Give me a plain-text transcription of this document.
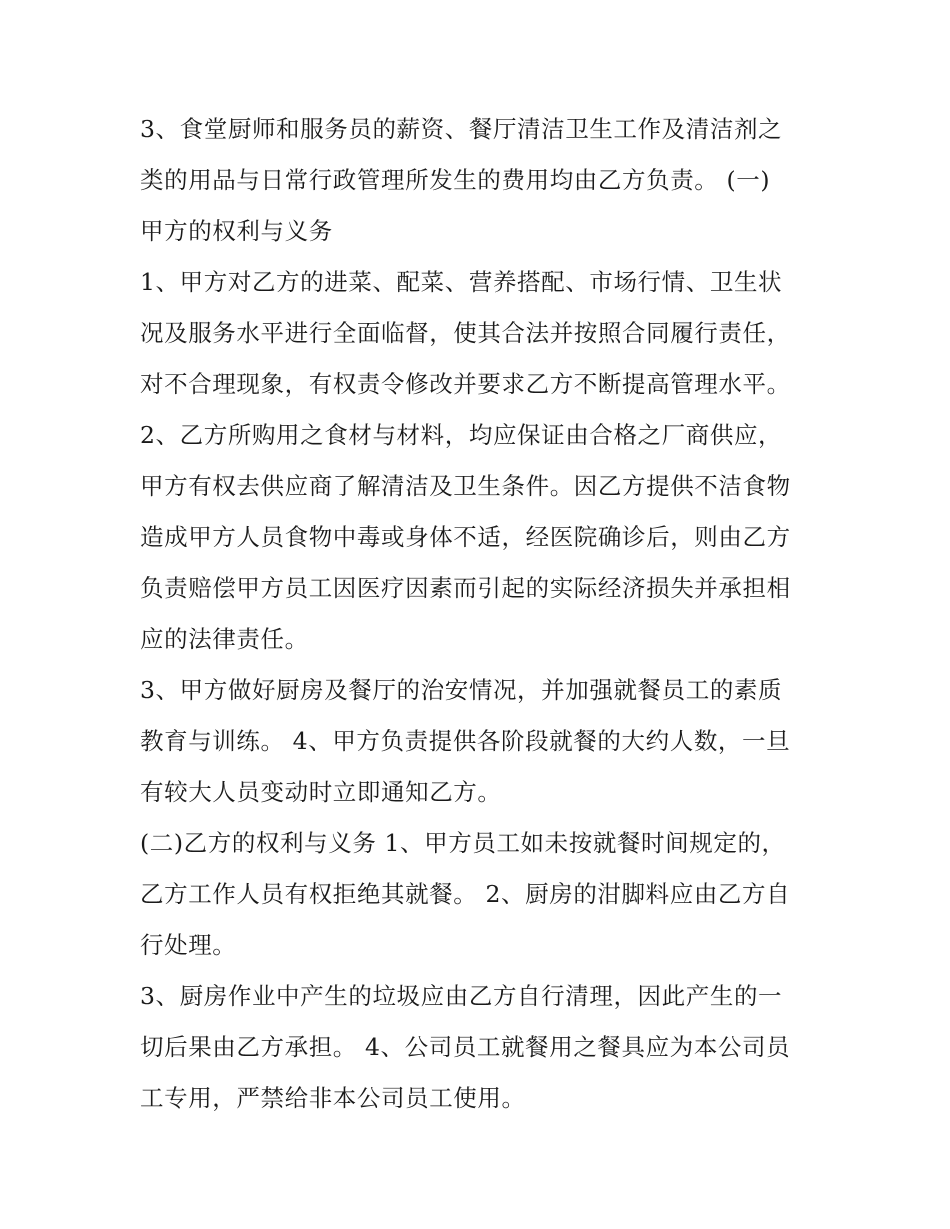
3、食堂厨师和服务员的薪资、餐厅清洁卫生工作及清洁剂之
类的用品与日常行政管理所发生的费用均由乙方负责。 (一)
甲方的权利与义务
1、甲方对乙方的进菜、配菜、营养搭配、市场行情、卫生状
况及服务水平进行全面临督，使其合法并按照合同履行责任，
对不合理现象，有权责令修改并要求乙方不断提高管理水平。
2、乙方所购用之食材与材料，均应保证由合格之厂商供应，
甲方有权去供应商了解清洁及卫生条件。因乙方提供不洁食物
造成甲方人员食物中毒或身体不适，经医院确诊后，则由乙方
负责赔偿甲方员工因医疗因素而引起的实际经济损失并承担相
应的法律责任。
3、甲方做好厨房及餐厅的治安情况，并加强就餐员工的素质
教育与训练。 4、甲方负责提供各阶段就餐的大约人数，一旦
有较大人员变动时立即通知乙方。
(二)乙方的权利与义务 1、甲方员工如未按就餐时间规定的，
乙方工作人员有权拒绝其就餐。 2、厨房的泔脚料应由乙方自
行处理。
3、厨房作业中产生的垃圾应由乙方自行清理，因此产生的一
切后果由乙方承担。 4、公司员工就餐用之餐具应为本公司员
工专用，严禁给非本公司员工使用。
